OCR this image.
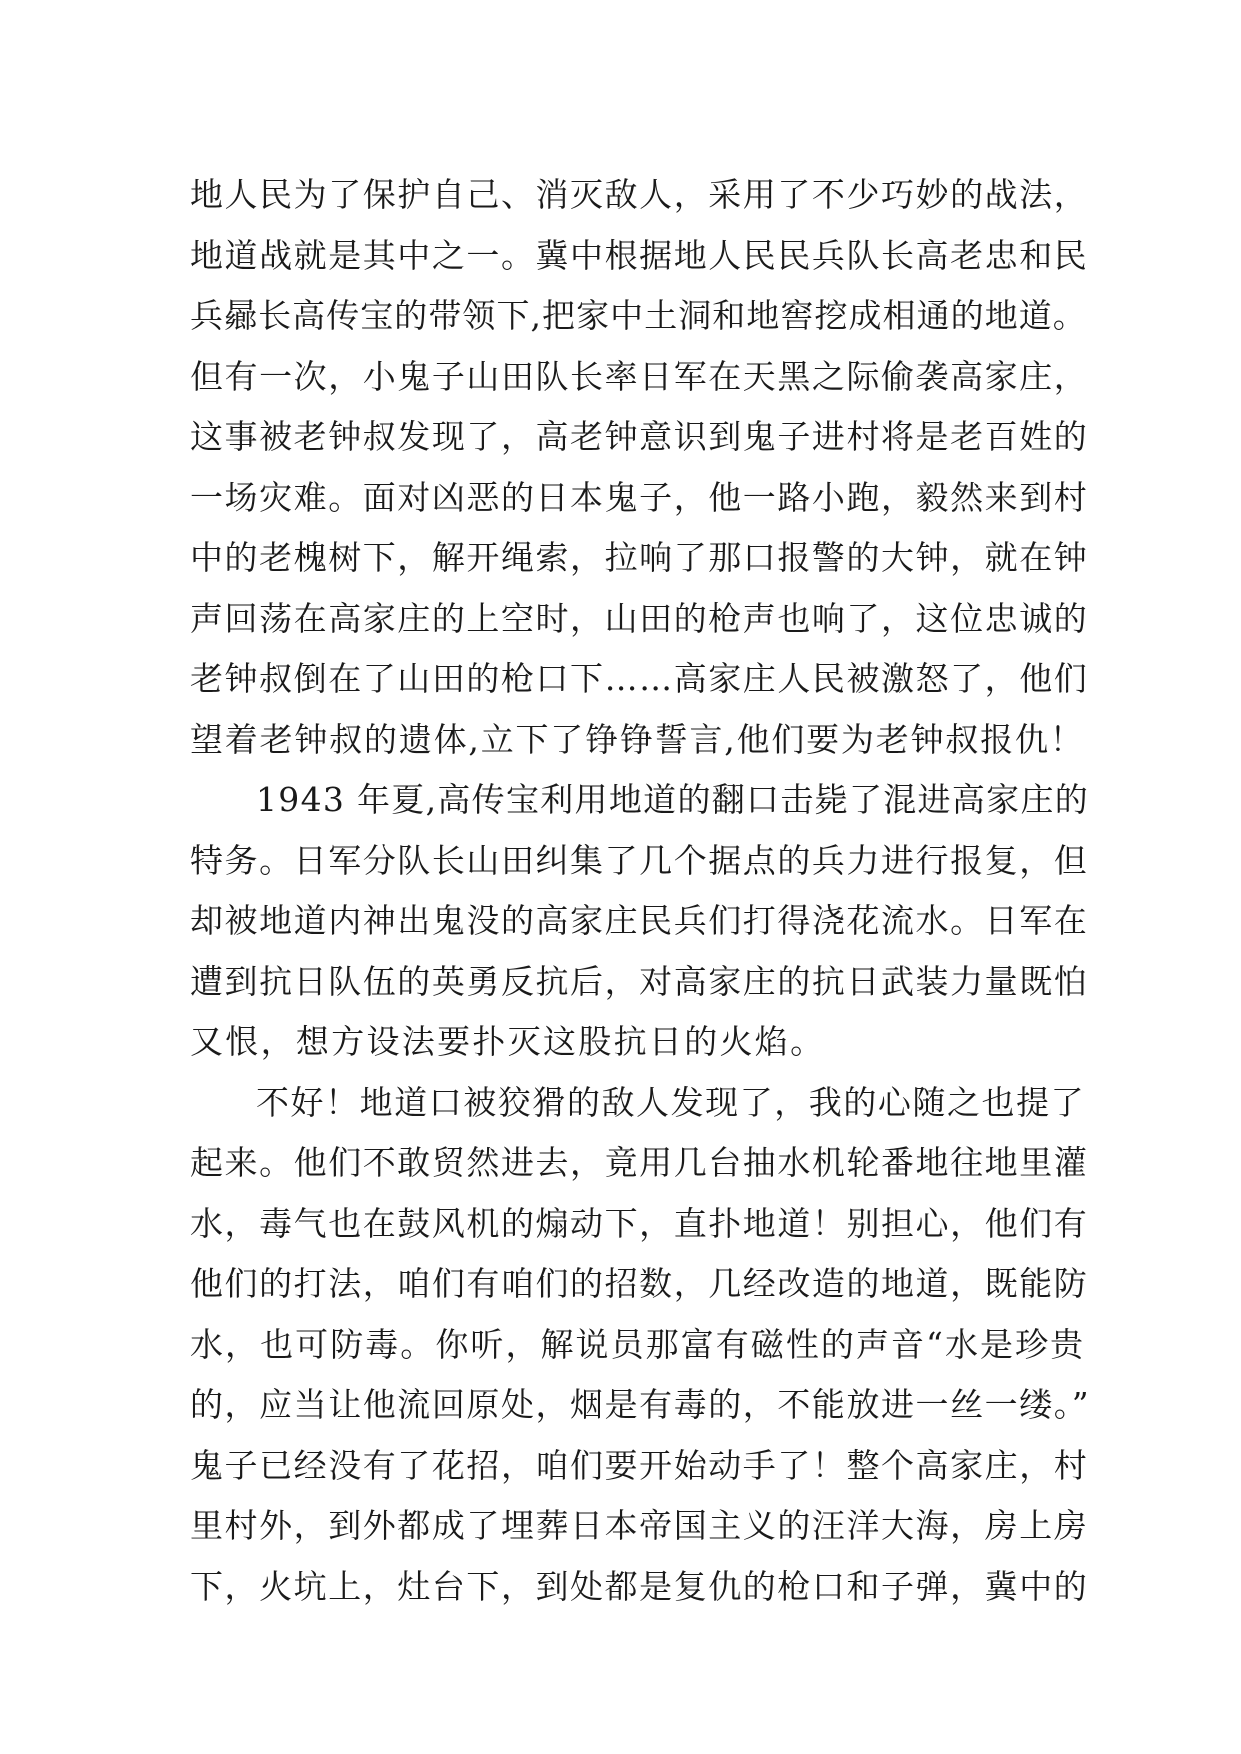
地人民为了保护自己、消灭敌人，采用了不少巧妙的战法，
地道战就是其中之一。冀中根据地人民民兵队长高老忠和民
兵曏长高传宝的带领下,把家中土洞和地窖挖成相通的地道。
但有一次，小鬼子山田队长率日军在天黑之际偷袭高家庄，
这事被老钟叔发现了，高老钟意识到鬼子进村将是老百姓的
一场灾难。面对凶恶的日本鬼子，他一路小跑，毅然来到村
中的老槐树下，解开绳索，拉响了那口报警的大钟，就在钟
声回荡在高家庄的上空时，山田的枪声也响了，这位忠诚的
老钟叔倒在了山田的枪口下……高家庄人民被激怒了，他们
望着老钟叔的遗体,立下了铮铮誓言,他们要为老钟叔报仇！
1943 年夏,高传宝利用地道的翻口击毙了混进高家庄的
特务。日军分队长山田纠集了几个据点的兵力进行报复，但
却被地道内神出鬼没的高家庄民兵们打得浇花流水。日军在
遭到抗日队伍的英勇反抗后，对高家庄的抗日武装力量既怕
又恨，想方设法要扑灭这股抗日的火焰。
不好！地道口被狡猾的敌人发现了，我的心随之也提了
起来。他们不敢贸然进去，竟用几台抽水机轮番地往地里灌
水，毒气也在鼓风机的煽动下，直扑地道！别担心，他们有
他们的打法，咱们有咱们的招数，几经改造的地道，既能防
水，也可防毒。你听，解说员那富有磁性的声音“水是珍贵
的，应当让他流回原处，烟是有毒的，不能放进一丝一缕。”
鬼子已经没有了花招，咱们要开始动手了！整个高家庄，村
里村外，到外都成了埋葬日本帝国主义的汪洋大海，房上房
下，火坑上，灶台下，到处都是复仇的枪口和子弹，冀中的
